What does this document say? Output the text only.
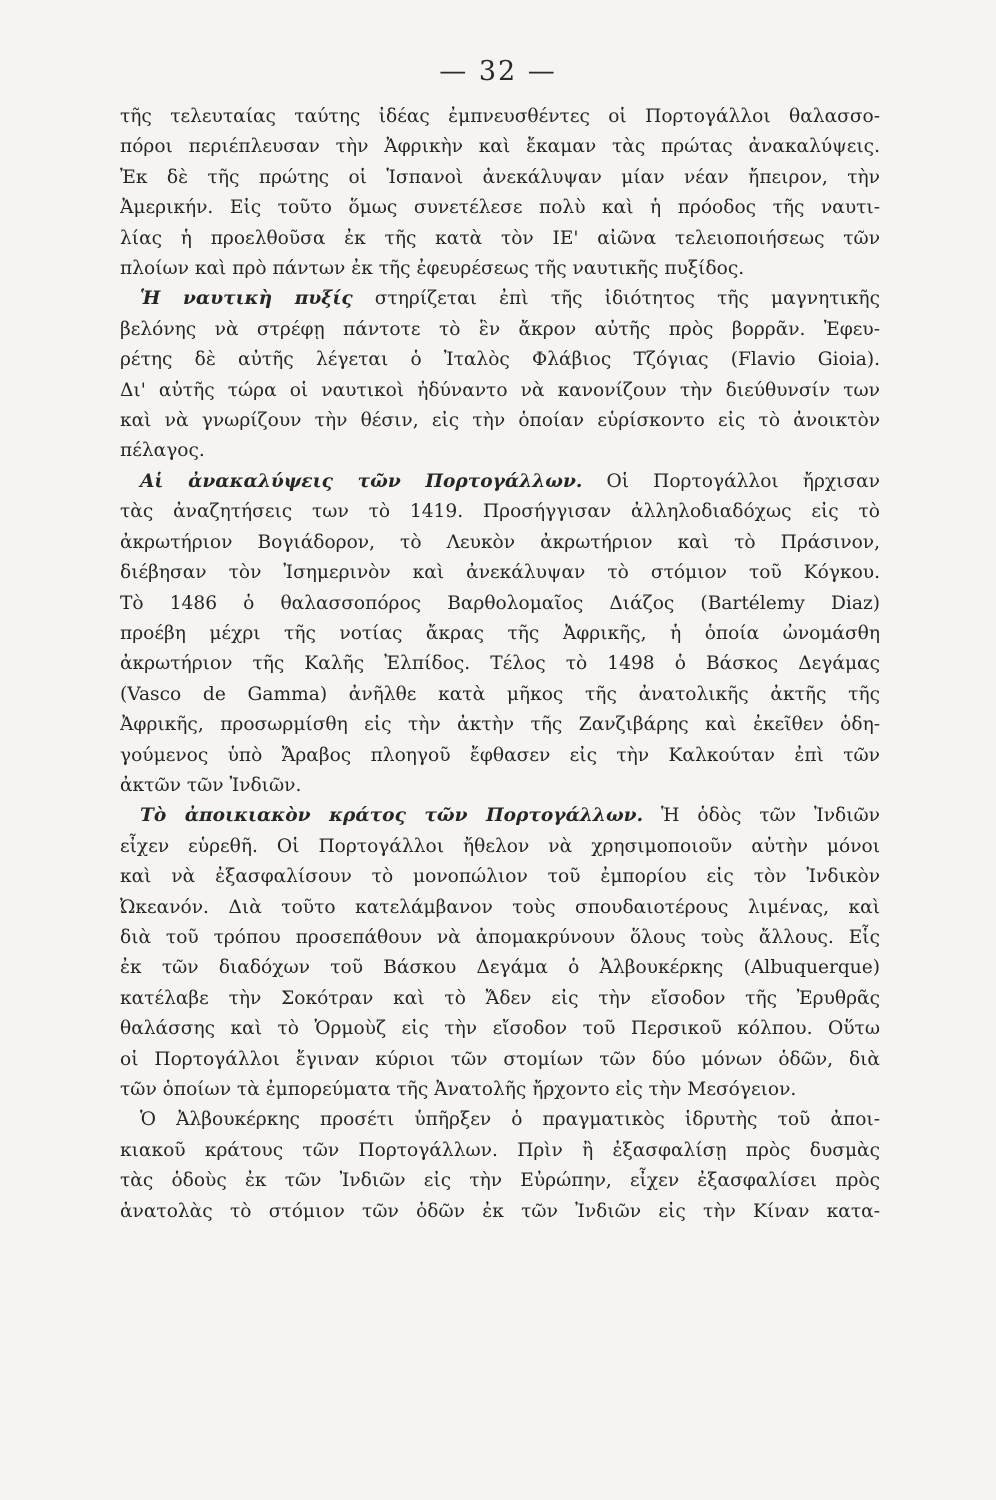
— 32 —
τῆς τελευταίας ταύτης ἰδέας ἐμπνευσθέντες οἱ Πορτογάλλοι θαλασσο-
πόροι περιέπλευσαν τὴν Ἀφρικὴν καὶ ἔκαμαν τὰς πρώτας ἀνακαλύψεις.
Ἐκ δὲ τῆς πρώτης οἱ Ἱσπανοὶ ἀνεκάλυψαν μίαν νέαν ἤπειρον, τὴν
Ἀμερικήν. Εἰς τοῦτο ὅμως συνετέλεσε πολὺ καὶ ἡ πρόοδος τῆς ναυτι-
λίας ἡ προελθοῦσα ἐκ τῆς κατὰ τὸν ΙΕ' αἰῶνα τελειοποιήσεως τῶν
πλοίων καὶ πρὸ πάντων ἐκ τῆς ἐφευρέσεως τῆς ναυτικῆς πυξίδος.
Ἡ ναυτικὴ πυξίς στηρίζεται ἐπὶ τῆς ἰδιότητος τῆς μαγνητικῆς
βελόνης νὰ στρέφῃ πάντοτε τὸ ἓν ἄκρον αὐτῆς πρὸς βορρᾶν. Ἐφευ-
ρέτης δὲ αὐτῆς λέγεται ὁ Ἰταλὸς Φλάβιος Τζόγιας (Flavio Gioia).
Δι' αὐτῆς τώρα οἱ ναυτικοὶ ἠδύναντο νὰ κανονίζουν τὴν διεύθυνσίν των
καὶ νὰ γνωρίζουν τὴν θέσιν, εἰς τὴν ὁποίαν εὑρίσκοντο εἰς τὸ ἀνοικτὸν
πέλαγος.
Αἱ ἀνακαλύψεις τῶν Πορτογάλλων. Οἱ Πορτογάλλοι ἤρχισαν
τὰς ἀναζητήσεις των τὸ 1419. Προσήγγισαν ἀλληλοδιαδόχως εἰς τὸ
ἀκρωτήριον Βογιάδορον, τὸ Λευκὸν ἀκρωτήριον καὶ τὸ Πράσινον,
διέβησαν τὸν Ἰσημερινὸν καὶ ἀνεκάλυψαν τὸ στόμιον τοῦ Κόγκου.
Τὸ 1486 ὁ θαλασσοπόρος Βαρθολομαῖος Διάζος (Bartélemy Diaz)
προέβη μέχρι τῆς νοτίας ἄκρας τῆς Ἀφρικῆς, ἡ ὁποία ὠνομάσθη
ἀκρωτήριον τῆς Καλῆς Ἐλπίδος. Τέλος τὸ 1498 ὁ Βάσκος Δεγάμας
(Vasco de Gamma) ἀνῆλθε κατὰ μῆκος τῆς ἀνατολικῆς ἀκτῆς τῆς
Ἀφρικῆς, προσωρμίσθη εἰς τὴν ἀκτὴν τῆς Ζανζιβάρης καὶ ἐκεῖθεν ὁδη-
γούμενος ὑπὸ Ἄραβος πλοηγοῦ ἔφθασεν εἰς τὴν Καλκούταν ἐπὶ τῶν
ἀκτῶν τῶν Ἰνδιῶν.
Τὸ ἀποικιακὸν κράτος τῶν Πορτογάλλων. Ἡ ὁδὸς τῶν Ἰνδιῶν
εἶχεν εὑρεθῆ. Οἱ Πορτογάλλοι ἤθελον νὰ χρησιμοποιοῦν αὐτὴν μόνοι
καὶ νὰ ἐξασφαλίσουν τὸ μονοπώλιον τοῦ ἐμπορίου εἰς τὸν Ἰνδικὸν
Ὠκεανόν. Διὰ τοῦτο κατελάμβανον τοὺς σπουδαιοτέρους λιμένας, καὶ
διὰ τοῦ τρόπου προσεπάθουν νὰ ἀπομακρύνουν ὅλους τοὺς ἄλλους. Εἷς
ἐκ τῶν διαδόχων τοῦ Βάσκου Δεγάμα ὁ Ἀλβουκέρκης (Albuquerque)
κατέλαβε τὴν Σοκότραν καὶ τὸ Ἄδεν εἰς τὴν εἴσοδον τῆς Ἐρυθρᾶς
θαλάσσης καὶ τὸ Ὁρμοὺζ εἰς τὴν εἴσοδον τοῦ Περσικοῦ κόλπου. Οὕτω
οἱ Πορτογάλλοι ἔγιναν κύριοι τῶν στομίων τῶν δύο μόνων ὁδῶν, διὰ
τῶν ὁποίων τὰ ἐμπορεύματα τῆς Ἀνατολῆς ἤρχοντο εἰς τὴν Μεσόγειον.
Ὁ Ἀλβουκέρκης προσέτι ὑπῆρξεν ὁ πραγματικὸς ἱδρυτὴς τοῦ ἀποι-
κιακοῦ κράτους τῶν Πορτογάλλων. Πρὶν ἢ ἐξασφαλίσῃ πρὸς δυσμὰς
τὰς ὁδοὺς ἐκ τῶν Ἰνδιῶν εἰς τὴν Εὐρώπην, εἶχεν ἐξασφαλίσει πρὸς
ἀνατολὰς τὸ στόμιον τῶν ὁδῶν ἐκ τῶν Ἰνδιῶν εἰς τὴν Κίναν κατα-
